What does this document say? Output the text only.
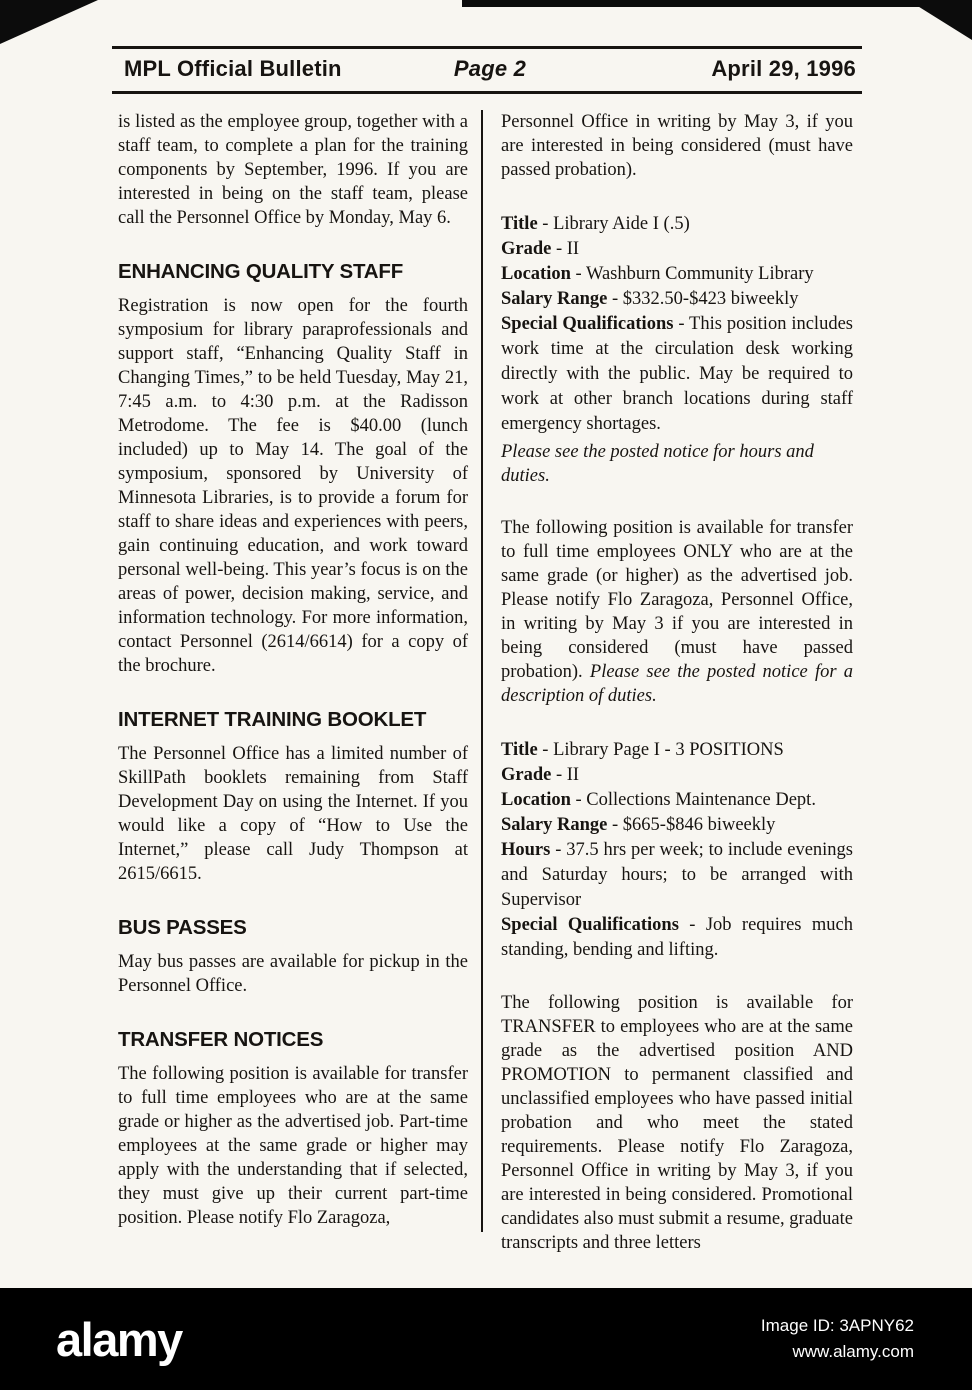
MPL Official Bulletin	Page 2	April 29, 1996

is listed as the employee group, together with a staff team, to complete a plan for the training components by September, 1996. If you are interested in being on the staff team, please call the Personnel Office by Monday, May 6.

ENHANCING QUALITY STAFF

Registration is now open for the fourth symposium for library paraprofessionals and support staff, “Enhancing Quality Staff in Changing Times,” to be held Tuesday, May 21, 7:45 a.m. to 4:30 p.m. at the Radisson Metrodome. The fee is $40.00 (lunch included) up to May 14. The goal of the symposium, sponsored by University of Minnesota Libraries, is to provide a forum for staff to share ideas and experiences with peers, gain continuing education, and work toward personal well-being. This year’s focus is on the areas of power, decision making, service, and information technology. For more information, contact Personnel (2614/6614) for a copy of the brochure.

INTERNET TRAINING BOOKLET

The Personnel Office has a limited number of SkillPath booklets remaining from Staff Development Day on using the Internet. If you would like a copy of “How to Use the Internet,” please call Judy Thompson at 2615/6615.

BUS PASSES

May bus passes are available for pickup in the Personnel Office.

TRANSFER NOTICES

The following position is available for transfer to full time employees who are at the same grade or higher as the advertised job. Part-time employees at the same grade or higher may apply with the understanding that if selected, they must give up their current part-time position. Please notify Flo Zaragoza,

Personnel Office in writing by May 3, if you are interested in being considered (must have passed probation).

Title - Library Aide I (.5)

Grade - II

Location - Washburn Community Library

Salary Range - $332.50-$423 biweekly

Special Qualifications - This position includes work time at the circulation desk working directly with the public. May be required to work at other branch locations during staff emergency shortages.

Please see the posted notice for hours and duties.

The following position is available for transfer to full time employees ONLY who are at the same grade (or higher) as the advertised job. Please notify Flo Zaragoza, Personnel Office, in writing by May 3 if you are interested in being considered (must have passed probation). Please see the posted notice for a description of duties.

Title - Library Page I - 3 POSITIONS

Grade - II

Location - Collections Maintenance Dept.

Salary Range - $665-$846 biweekly

Hours - 37.5 hrs per week; to include evenings and Saturday hours; to be arranged with Supervisor

Special Qualifications - Job requires much standing, bending and lifting.

The following position is available for TRANSFER to employees who are at the same grade as the advertised position AND PROMOTION to permanent classified and unclassified employees who have passed initial probation and who meet the stated requirements. Please notify Flo Zaragoza, Personnel Office in writing by May 3, if you are interested in being considered. Promotional candidates also must submit a resume, graduate transcripts and three letters

alamy	Image ID: 3APNY62
www.alamy.com
